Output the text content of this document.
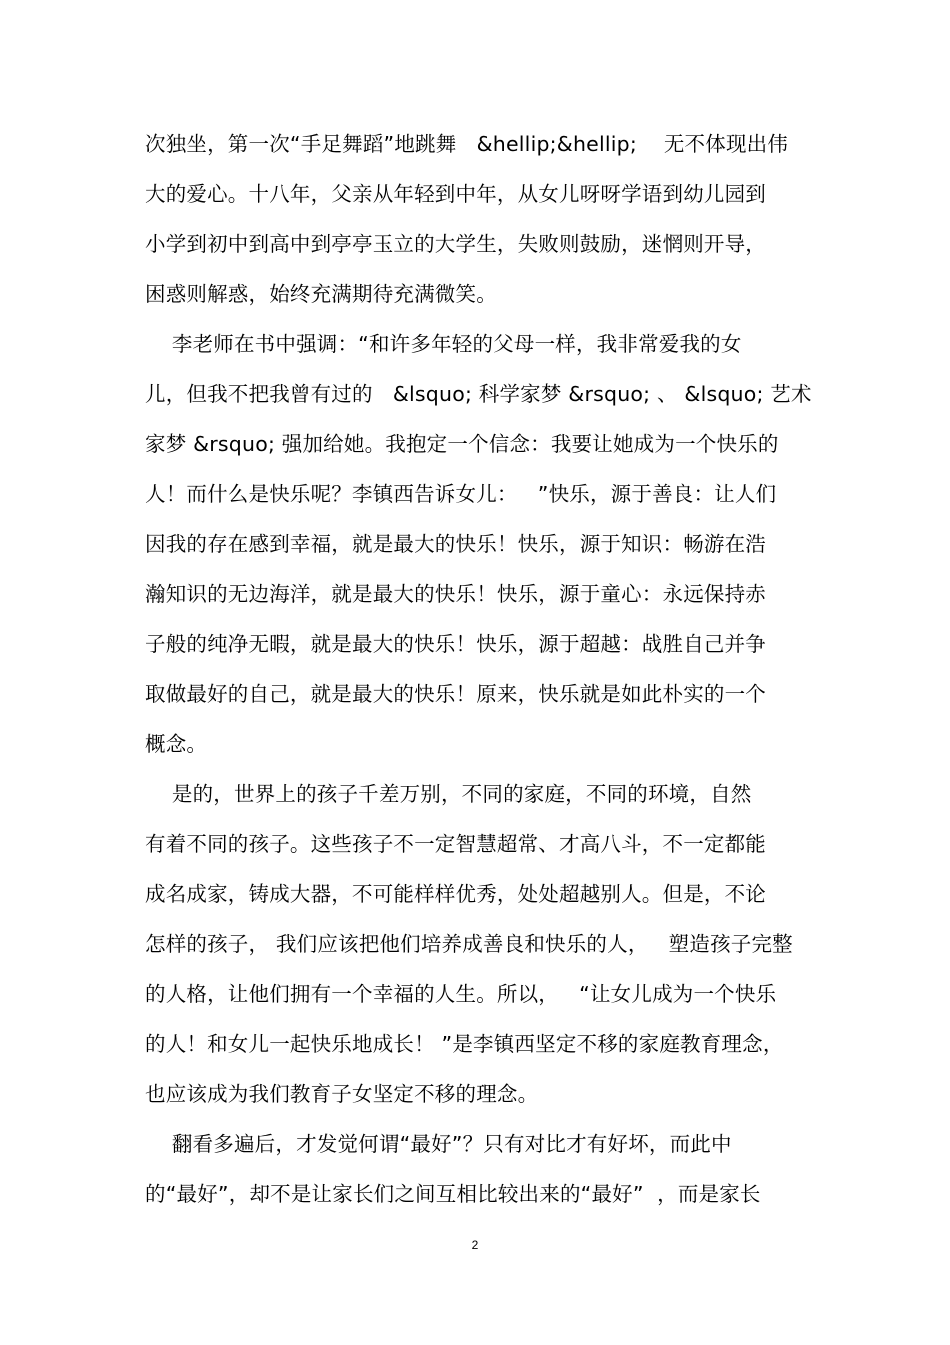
次独坐，第一次“手足舞蹈”地跳舞   &hellip;&hellip;    无不体现出伟
大的爱心。十八年，父亲从年轻到中年，从女儿呀呀学语到幼儿园到
小学到初中到高中到亭亭玉立的大学生，失败则鼓励，迷惘则开导，
困惑则解惑，始终充满期待充满微笑。
李老师在书中强调：“和许多年轻的父母一样，我非常爱我的女
儿，但我不把我曾有过的   &lsquo; 科学家梦 &rsquo; 、 &lsquo; 艺术
家梦 &rsquo; 强加给她。我抱定一个信念：我要让她成为一个快乐的
人！而什么是快乐呢？李镇西告诉女儿：   ”快乐，源于善良：让人们
因我的存在感到幸福，就是最大的快乐！快乐，源于知识：畅游在浩
瀚知识的无边海洋，就是最大的快乐！快乐，源于童心：永远保持赤
子般的纯净无暇，就是最大的快乐！快乐，源于超越：战胜自己并争
取做最好的自己，就是最大的快乐！原来，快乐就是如此朴实的一个
概念。
是的，世界上的孩子千差万别，不同的家庭，不同的环境，自然
有着不同的孩子。这些孩子不一定智慧超常、才高八斗，不一定都能
成名成家，铸成大器，不可能样样优秀，处处超越别人。但是，不论
怎样的孩子， 我们应该把他们培养成善良和快乐的人，   塑造孩子完整
的人格，让他们拥有一个幸福的人生。所以，   “让女儿成为一个快乐
的人！和女儿一起快乐地成长！ ”是李镇西坚定不移的家庭教育理念，
也应该成为我们教育子女坚定不移的理念。
翻看多遍后，才发觉何谓“最好”？只有对比才有好坏，而此中
的“最好”，却不是让家长们之间互相比较出来的“最好”  ，而是家长
2
